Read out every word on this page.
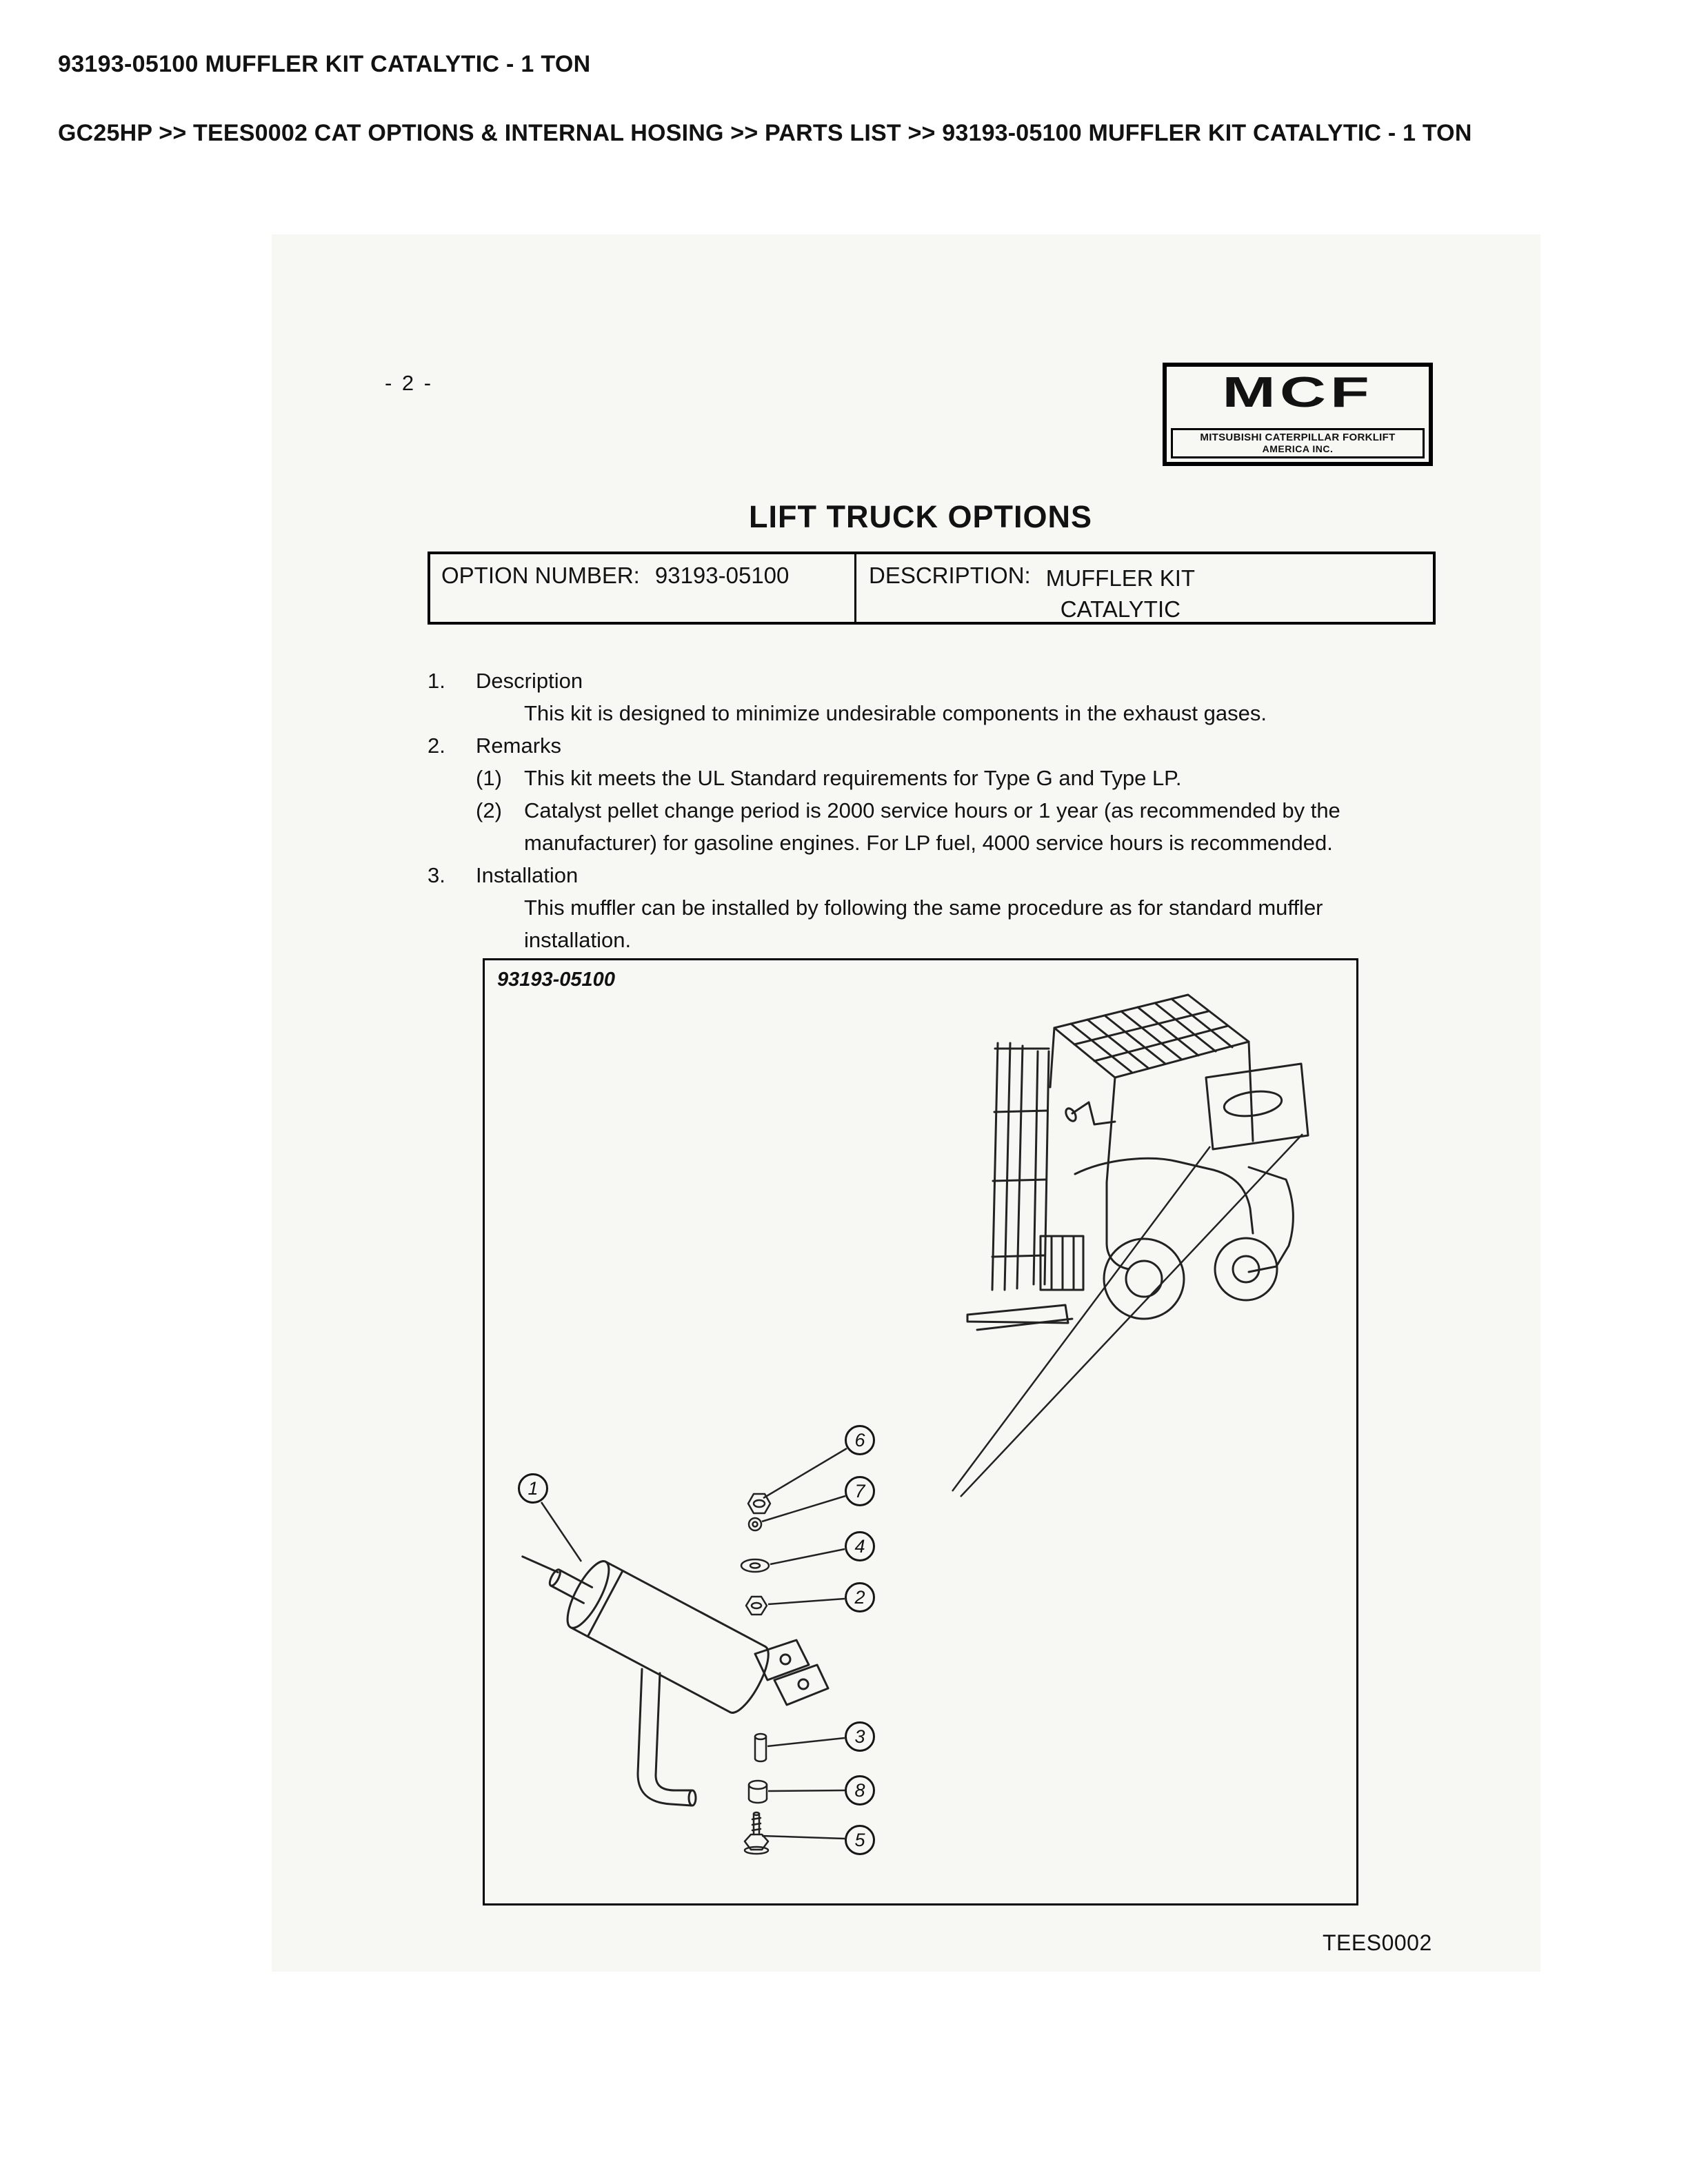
93193-05100 MUFFLER KIT CATALYTIC - 1 TON
GC25HP >> TEES0002 CAT OPTIONS & INTERNAL HOSING >> PARTS LIST >> 93193-05100 MUFFLER KIT CATALYTIC - 1 TON
- 2 -	MCF
MITSUBISHI CATERPILLAR FORKLIFT
AMERICA INC.
LIFT TRUCK OPTIONS
OPTION NUMBER: 93193-05100	DESCRIPTION: MUFFLER KIT
CATALYTIC
1.	Description
This kit is designed to minimize undesirable components in the exhaust gases.
2.	Remarks
(1)	This kit meets the UL Standard requirements for Type G and Type LP.
(2)	Catalyst pellet change period is 2000 service hours or 1 year (as recommended by the manufacturer) for gasoline engines. For LP fuel, 4000 service hours is recommended.
3.	Installation
This muffler can be installed by following the same procedure as for standard muffler installation.
93193-05100
1
2
3
4
5
6
7
8
TEES0002
